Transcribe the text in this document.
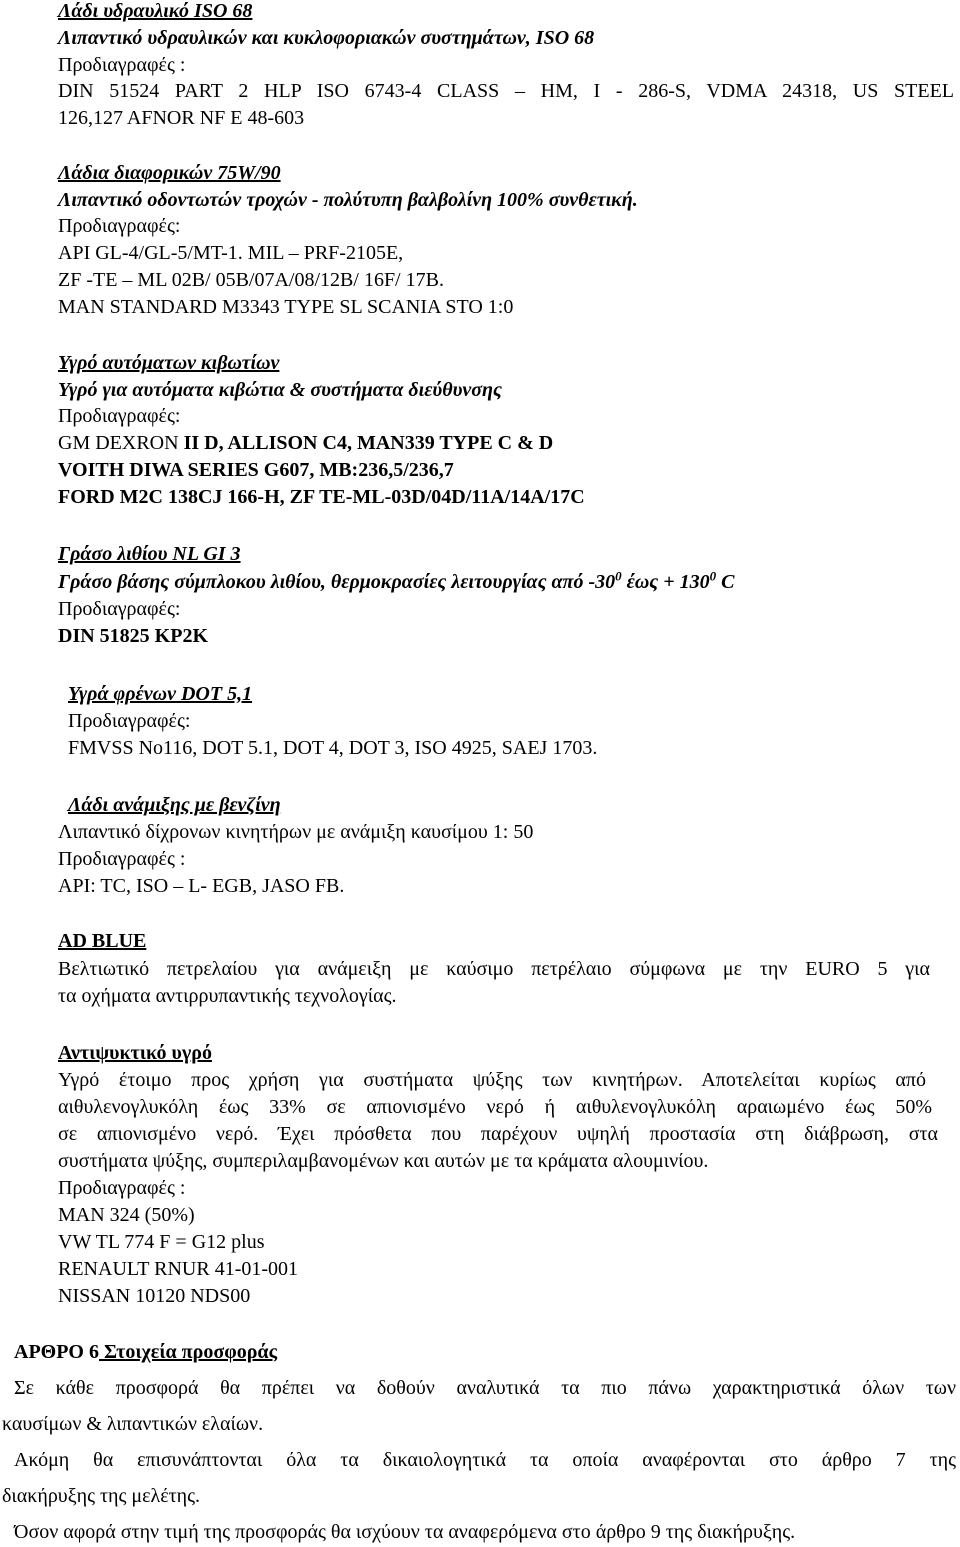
Λάδι υδραυλικό ISO 68
Λιπαντικό υδραυλικών και κυκλοφοριακών συστημάτων, ISO 68
Προδιαγραφές :
DIN 51524 PART 2 HLP ISO 6743-4 CLASS – HM, I - 286-S, VDMA 24318, US STEEL
126,127 AFNOR NF E 48-603
Λάδια διαφορικών 75W/90
Λιπαντικό οδοντωτών τροχών - πολύτυπη βαλβολίνη 100% συνθετική.
Προδιαγραφές:
API GL-4/GL-5/MT-1. MIL – PRF-2105E,
ZF -TE – ML 02B/ 05B/07A/08/12B/ 16F/ 17B.
MAN STANDARD M3343 TYPE SL SCANIA STO 1:0
Υγρό αυτόματων κιβωτίων
Υγρό για αυτόματα κιβώτια & συστήματα διεύθυνσης
Προδιαγραφές:
GM DEXRON II D, ALLISON C4, MAN339 TYPE C & D
VOITH DIWA SERIES G607, MB:236,5/236,7
FORD M2C 138CJ 166-H, ZF TE-ML-03D/04D/11A/14A/17C
Γράσο λιθίου NL GI 3
Γράσο βάσης σύμπλοκου λιθίου, θερμοκρασίες λειτουργίας από $-30^0$ $έ\omega\varsigma + 130^0$ C
Προδιαγραφές:
DIN 51825 KP2K
Υγρά φρένων DOT 5,1
Προδιαγραφές:
FMVSS No116, DOT 5.1, DOT 4, DOT 3, ISO 4925, SAEJ 1703.
Λάδι ανάμιξης με βενζίνη
Λιπαντικό δίχρονων κινητήρων με ανάμιξη καυσίμου 1: 50
Προδιαγραφές :
API: TC, ISO – L- EGB, JASO FB.
AD BLUE
Βελτιωτικό πετρελαίου για ανάμειξη με καύσιμο πετρέλαιο σύμφωνα με την EURO 5 για
τα οχήματα αντιρρυπαντικής τεχνολογίας.
Αντιψυκτικό υγρό
Υγρό έτοιμο προς χρήση για συστήματα ψύξης των κινητήρων. Αποτελείται κυρίως από
αιθυλενογλυκόλη έως 33% σε απιονισμένο νερό ή αιθυλενογλυκόλη αραιωμένο έως 50%
σε απιονισμένο νερό. Έχει πρόσθετα που παρέχουν υψηλή προστασία στη διάβρωση, στα
συστήματα ψύξης, συμπεριλαμβανομένων και αυτών με τα κράματα αλουμινίου.
Προδιαγραφές :
MAN 324 (50%)
VW TL 774 F = G12 plus
RENAULT RNUR 41-01-001
NISSAN 10120 NDS00
ΑΡΘΡΟ 6 Στοιχεία προσφοράς
Σε κάθε προσφορά θα πρέπει να δοθούν αναλυτικά τα πιο πάνω χαρακτηριστικά όλων των
καυσίμων & λιπαντικών ελαίων.
Ακόμη θα επισυνάπτονται όλα τα δικαιολογητικά τα οποία αναφέρονται στο άρθρο 7 της
διακήρυξης της μελέτης.
Όσον αφορά στην τιμή της προσφοράς θα ισχύουν τα αναφερόμενα στο άρθρο 9 της διακήρυξης.
